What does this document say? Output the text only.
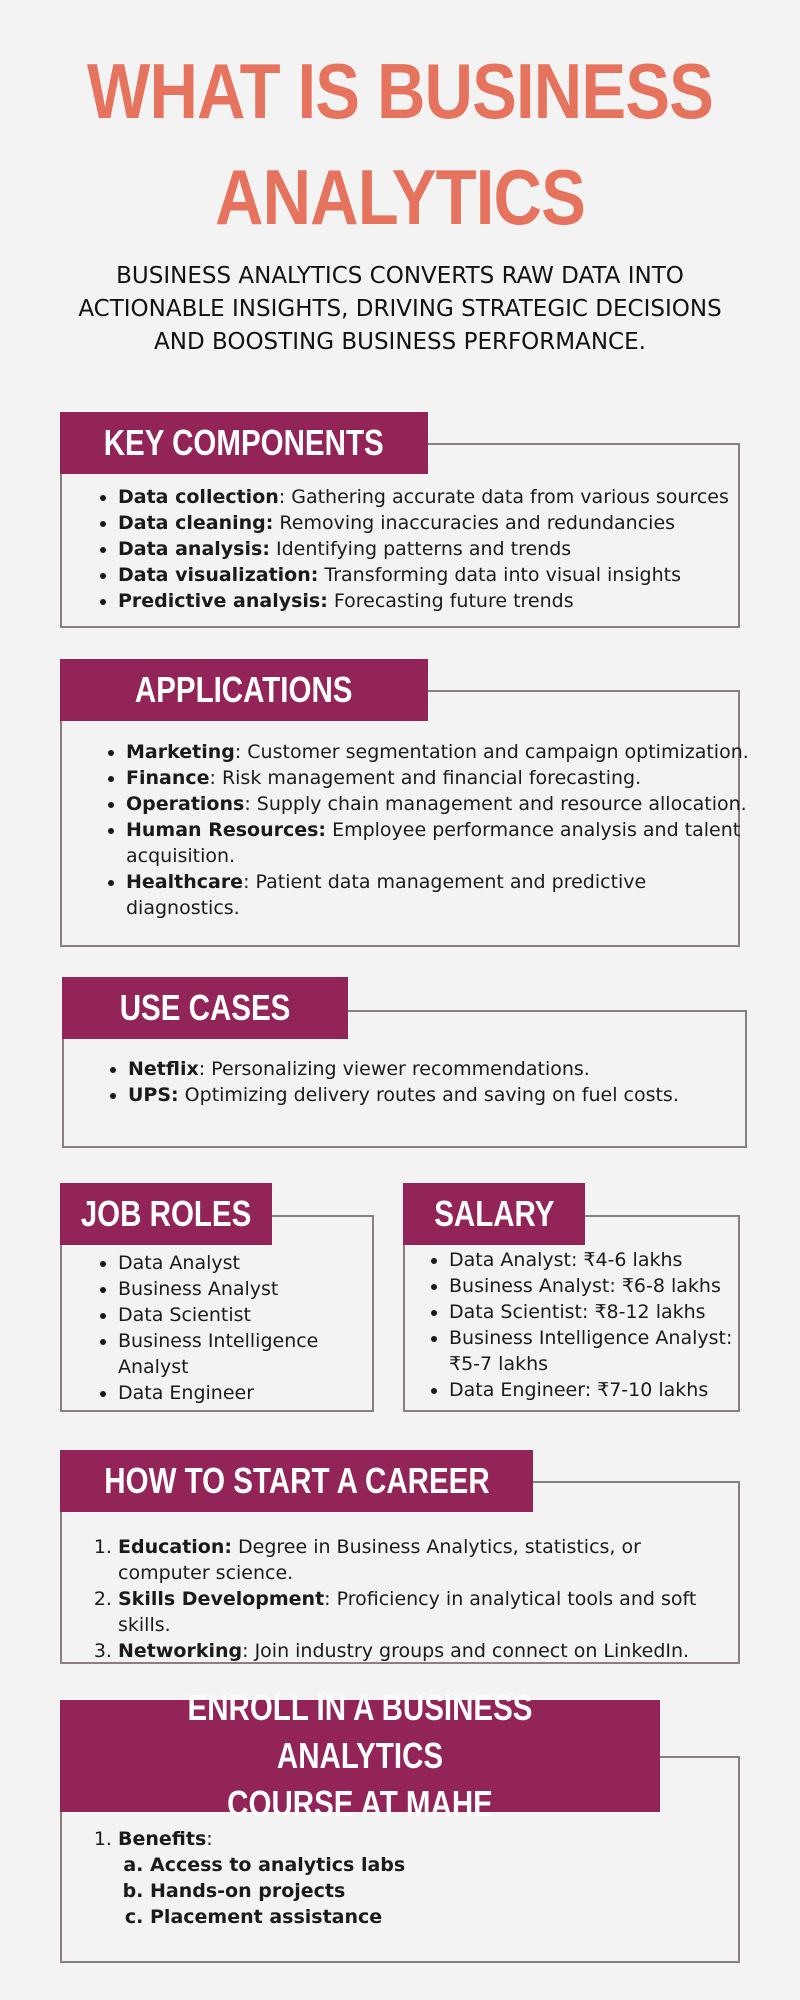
WHAT IS BUSINESS ANALYTICS
BUSINESS ANALYTICS CONVERTS RAW DATA INTO ACTIONABLE INSIGHTS, DRIVING STRATEGIC DECISIONS AND BOOSTING BUSINESS PERFORMANCE.
KEY COMPONENTS
• Data collection: Gathering accurate data from various sources
• Data cleaning: Removing inaccuracies and redundancies
• Data analysis: Identifying patterns and trends
• Data visualization: Transforming data into visual insights
• Predictive analysis: Forecasting future trends
APPLICATIONS
• Marketing: Customer segmentation and campaign optimization.
• Finance: Risk management and financial forecasting.
• Operations: Supply chain management and resource allocation.
• Human Resources: Employee performance analysis and talent acquisition.
• Healthcare: Patient data management and predictive diagnostics.
USE CASES
• Netflix: Personalizing viewer recommendations.
• UPS: Optimizing delivery routes and saving on fuel costs.
JOB ROLES
• Data Analyst
• Business Analyst
• Data Scientist
• Business Intelligence Analyst
• Data Engineer
SALARY
• Data Analyst: ₹4-6 lakhs
• Business Analyst: ₹6-8 lakhs
• Data Scientist: ₹8-12 lakhs
• Business Intelligence Analyst: ₹5-7 lakhs
• Data Engineer: ₹7-10 lakhs
HOW TO START A CAREER
1. Education: Degree in Business Analytics, statistics, or computer science.
2. Skills Development: Proficiency in analytical tools and soft skills.
3. Networking: Join industry groups and connect on LinkedIn.
ENROLL IN A BUSINESS ANALYTICS
COURSE AT MAHE
1. Benefits:
a. Access to analytics labs
b. Hands-on projects
c. Placement assistance
